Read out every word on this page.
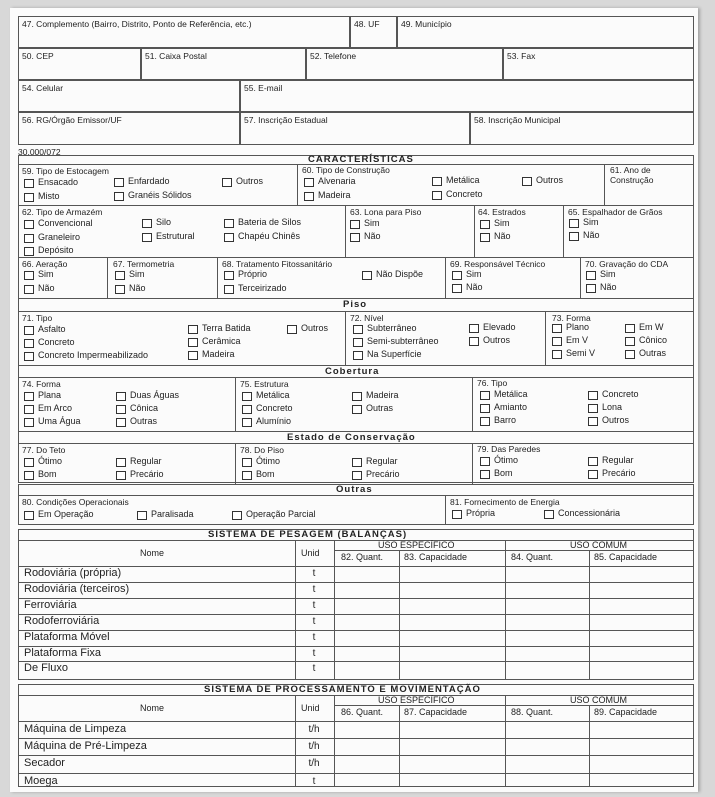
47. Complemento (Bairro, Distrito, Ponto de Referência, etc.)	48. UF	49. Município
50. CEP	51. Caixa Postal	52. Telefone	53. Fax
54. Celular	55. E-mail
56. RG/Órgão Emissor/UF	57. Inscrição Estadual	58. Inscrição Municipal
30.000/072
CARACTERÍSTICAS
59. Tipo de Estocagem
Ensacado	Enfardado	Outros
Misto	Granéis Sólidos
60. Tipo de Construção
Alvenaria	Metálica	Outros
Madeira	Concreto
61. Ano de Construção
62. Tipo de Armazém
Convencional	Silo	Bateria de Silos
Graneleiro	Estrutural	Chapéu Chinês
Depósito
63. Lona para Piso
Sim
Não
64. Estrados
Sim
Não
65. Espalhador de Grãos
Sim
Não
66. Aeração
Sim
Não
67. Termometria
Sim
Não
68. Tratamento Fitossanitário
Próprio	Não Dispõe
Terceirizado
69. Responsável Técnico
Sim
Não
70. Gravação do CDA
Sim
Não
Piso
71. Tipo
Asfalto	Terra Batida	Outros
Concreto	Cerâmica
Concreto Impermeabilizado	Madeira
72. Nível
Subterrâneo	Elevado
Semi-subterrâneo	Outros
Na Superfície
73. Forma
Plano	Em W
Em V	Cônico
Semi V	Outras
Cobertura
74. Forma
Plana	Duas Águas
Em Arco	Cônica
Uma Água	Outras
75. Estrutura
Metálica	Madeira
Concreto	Outras
Alumínio
76. Tipo
Metálica	Concreto
Amianto	Lona
Barro	Outros
Estado de Conservação
77. Do Teto
Ótimo	Regular
Bom	Precário
78. Do Piso
Ótimo	Regular
Bom	Precário
79. Das Paredes
Ótimo	Regular
Bom	Precário
Outras
80. Condições Operacionais
Em Operação	Paralisada	Operação Parcial
81. Fornecimento de Energia
Própria	Concessionária
SISTEMA DE PESAGEM (BALANÇAS)
Nome	Unid
USO ESPECÍFICO	USO COMUM
82. Quant. 83. Capacidade	84. Quant.	85. Capacidade
Rodoviária (própria)	t
Rodoviária (terceiros)	t
Ferroviária	t
Rodoferroviária	t
Plataforma Móvel	t
Plataforma Fixa	t
De Fluxo	t
SISTEMA DE PROCESSAMENTO E MOVIMENTAÇÃO
Nome	Unid
USO ESPECÍFICO	USO COMUM
86. Quant. 87. Capacidade	88. Quant.	89. Capacidade
Máquina de Limpeza	t/h
Máquina de Pré-Limpeza	t/h
Secador	t/h
Moega	t
